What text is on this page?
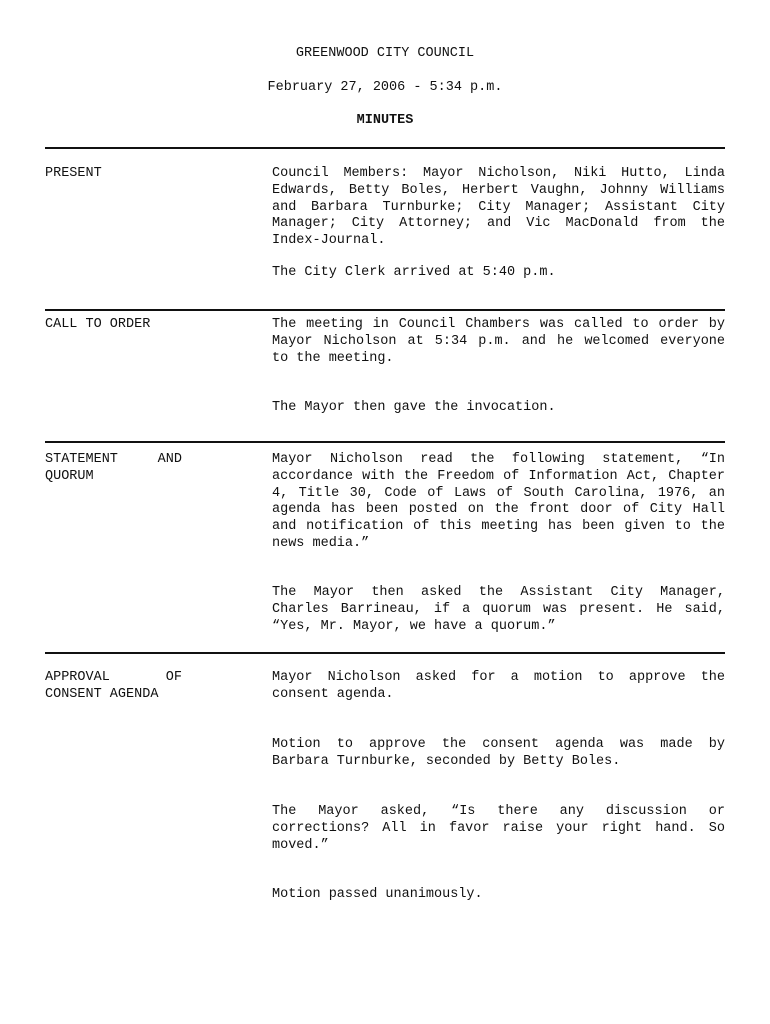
GREENWOOD CITY COUNCIL
February 27, 2006 - 5:34 p.m.
MINUTES
PRESENT	Council Members: Mayor Nicholson, Niki Hutto, Linda Edwards, Betty Boles, Herbert Vaughn, Johnny Williams and Barbara Turnburke; City Manager; Assistant City Manager; City Attorney; and Vic MacDonald from the Index-Journal.

The City Clerk arrived at 5:40 p.m.

CALL TO ORDER	The meeting in Council Chambers was called to order by Mayor Nicholson at 5:34 p.m. and he welcomed everyone to the meeting.

The Mayor then gave the invocation.

STATEMENT AND
QUORUM

Mayor Nicholson read the following statement, “In accordance with the Freedom of Information Act, Chapter 4, Title 30, Code of Laws of South Carolina, 1976, an agenda has been posted on the front door of City Hall and notification of this meeting has been given to the news media.”

The Mayor then asked the Assistant City Manager, Charles Barrineau, if a quorum was present. He said, “Yes, Mr. Mayor, we have a quorum.”

APPROVAL OF
CONSENT AGENDA

Mayor Nicholson asked for a motion to approve the consent agenda.

Motion to approve the consent agenda was made by Barbara Turnburke, seconded by Betty Boles.

The Mayor asked, “Is there any discussion or corrections? All in favor raise your right hand. So moved.”

Motion passed unanimously.
